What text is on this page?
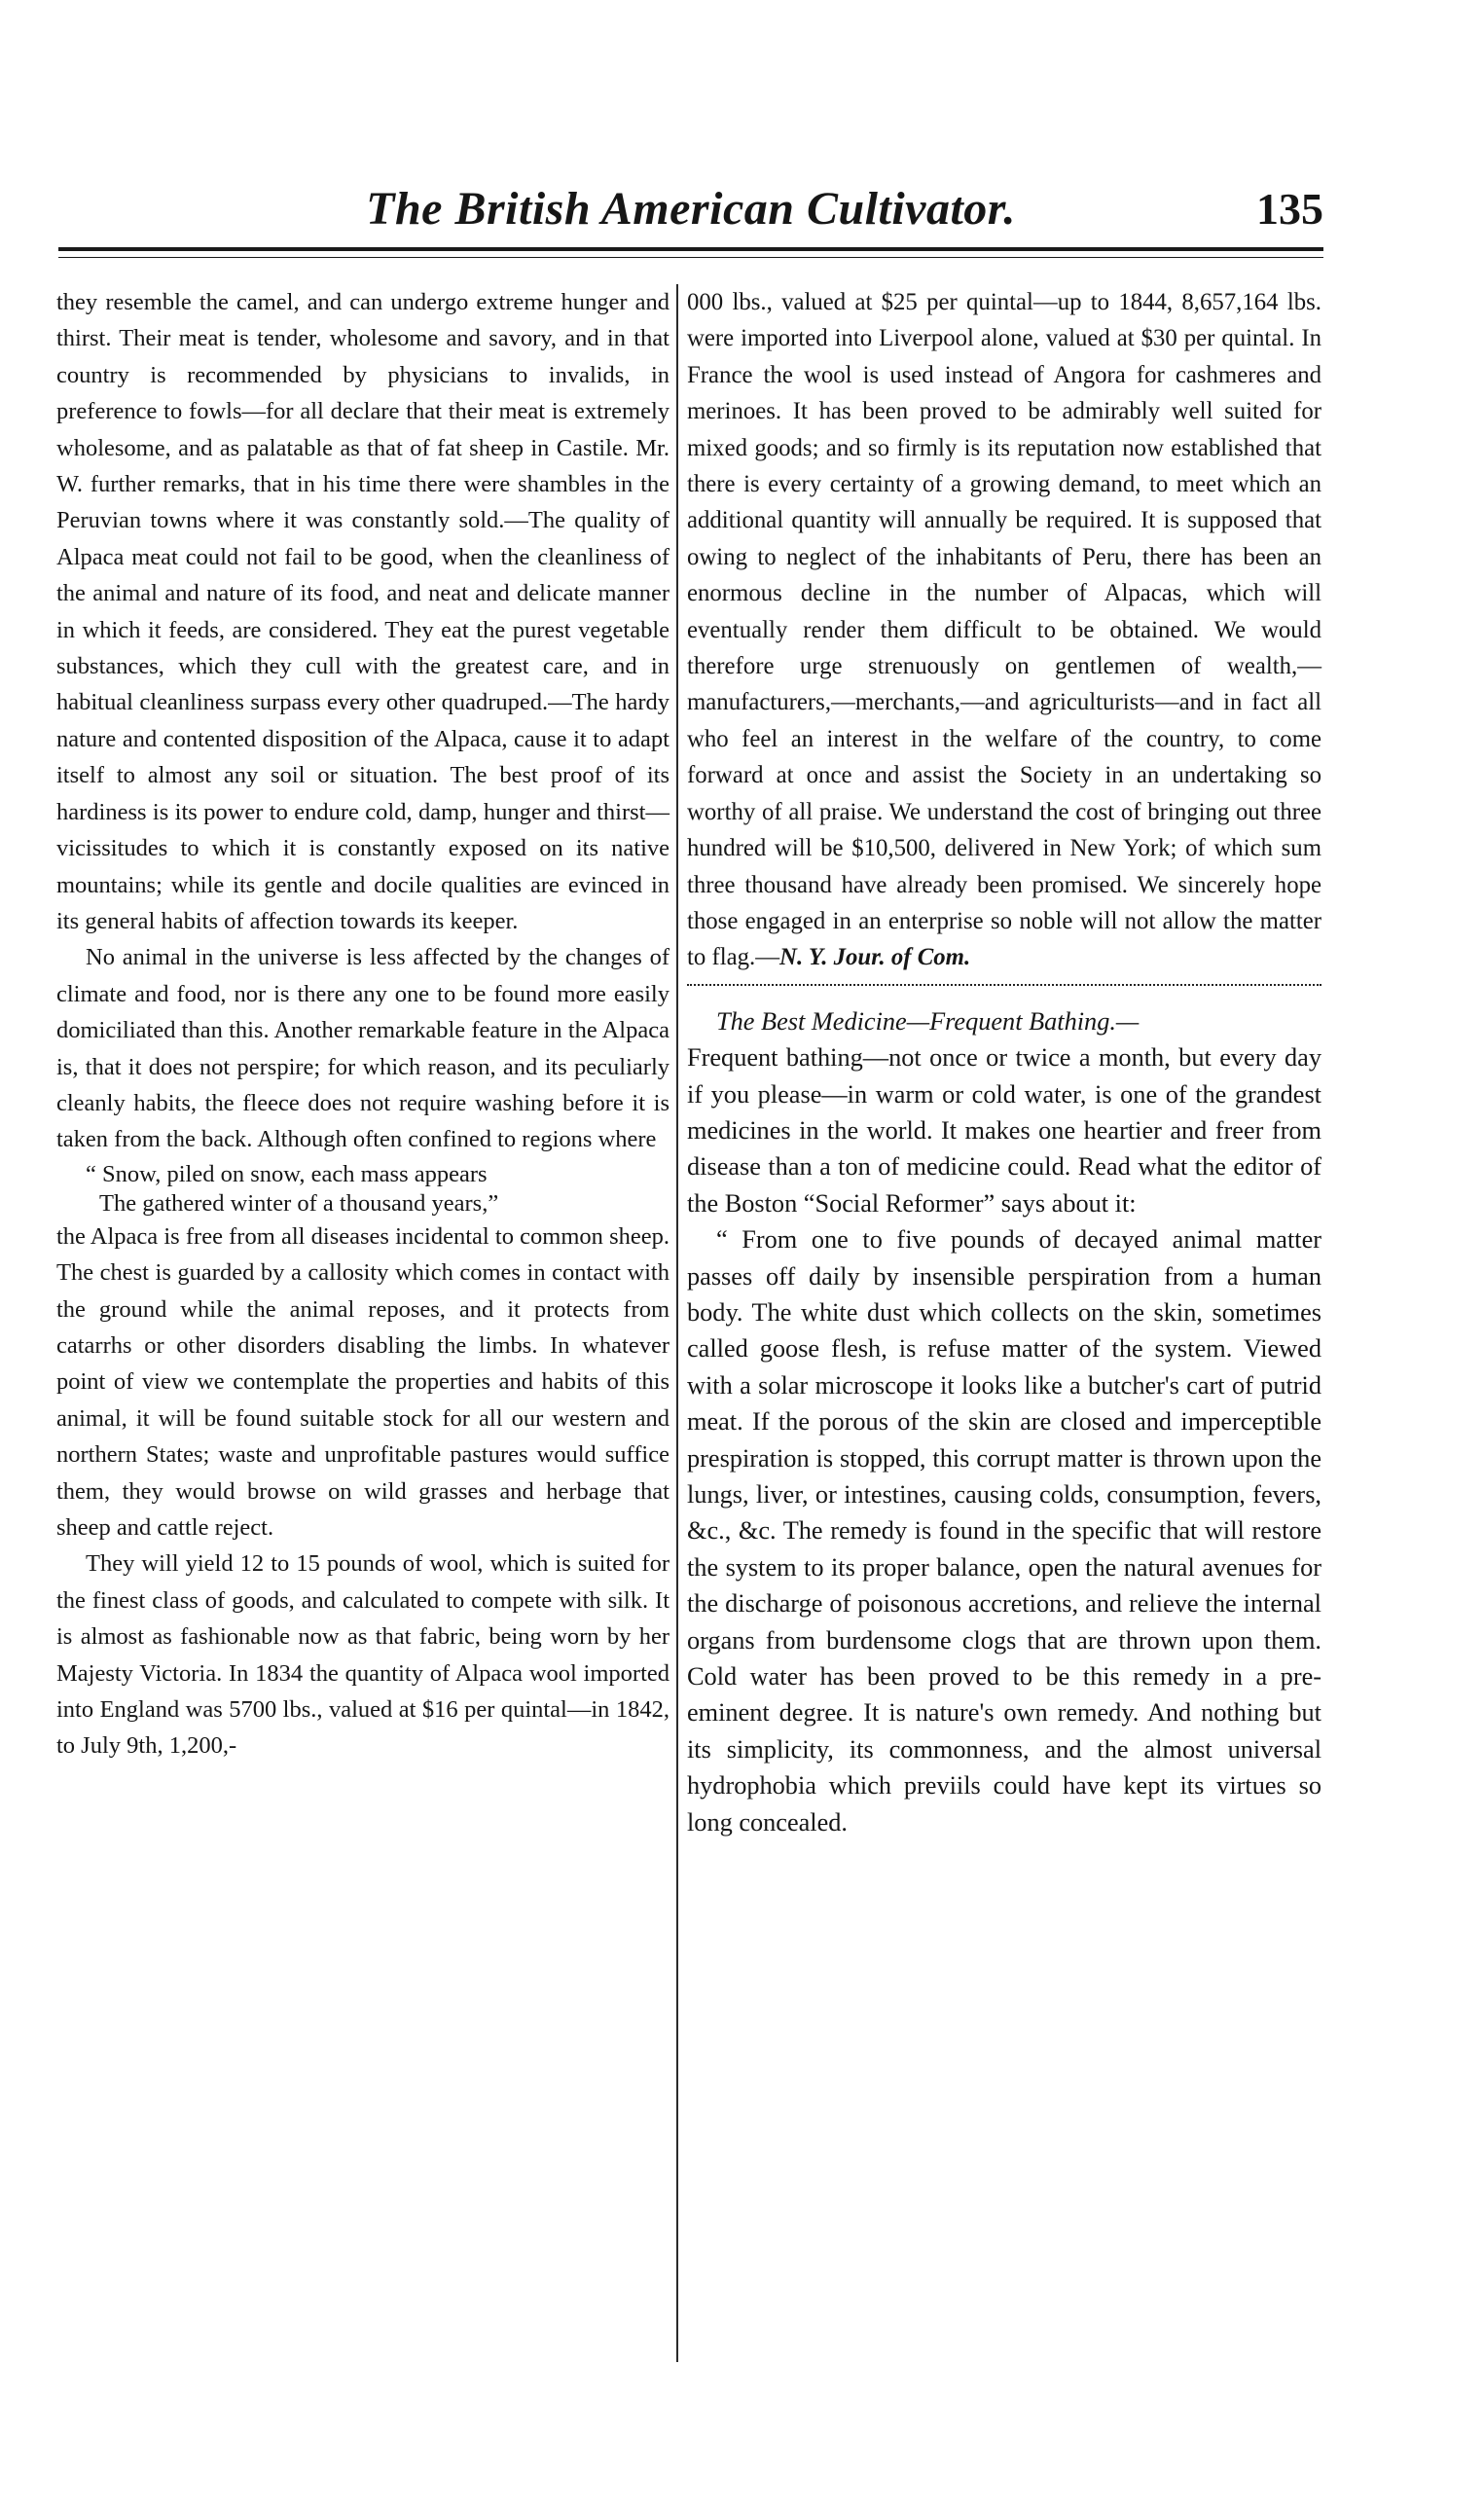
The British American Cultivator.	135

they resemble the camel, and can undergo extreme hunger and thirst. Their meat is tender, wholesome and savory, and in that country is recommended by physicians to invalids, in preference to fowls—for all declare that their meat is extremely wholesome, and as palatable as that of fat sheep in Castile. Mr. W. further remarks, that in his time there were shambles in the Peruvian towns where it was constantly sold.—The quality of Alpaca meat could not fail to be good, when the cleanliness of the animal and nature of its food, and neat and delicate manner in which it feeds, are considered. They eat the purest vegetable substances, which they cull with the greatest care, and in habitual cleanliness surpass every other quadruped.—The hardy nature and contented disposition of the Alpaca, cause it to adapt itself to almost any soil or situation. The best proof of its hardiness is its power to endure cold, damp, hunger and thirst—vicissitudes to which it is constantly exposed on its native mountains; while its gentle and docile qualities are evinced in its general habits of affection towards its keeper.

No animal in the universe is less affected by the changes of climate and food, nor is there any one to be found more easily domiciliated than this. Another remarkable feature in the Alpaca is, that it does not perspire; for which reason, and its peculiarly cleanly habits, the fleece does not require washing before it is taken from the back. Although often confined to regions where

“ Snow, piled on snow, each mass appears
The gathered winter of a thousand years,”

the Alpaca is free from all diseases incidental to common sheep. The chest is guarded by a callosity which comes in contact with the ground while the animal reposes, and it protects from catarrhs or other disorders disabling the limbs. In whatever point of view we contemplate the properties and habits of this animal, it will be found suitable stock for all our western and northern States; waste and unprofitable pastures would suffice them, they would browse on wild grasses and herbage that sheep and cattle reject.

They will yield 12 to 15 pounds of wool, which is suited for the finest class of goods, and calculated to compete with silk. It is almost as fashionable now as that fabric, being worn by her Majesty Victoria. In 1834 the quantity of Alpaca wool imported into England was 5700 lbs., valued at $16 per quintal—in 1842, to July 9th, 1,200,-

000 lbs., valued at $25 per quintal—up to 1844, 8,657,164 lbs. were imported into Liverpool alone, valued at $30 per quintal. In France the wool is used instead of Angora for cashmeres and merinoes. It has been proved to be admirably well suited for mixed goods; and so firmly is its reputation now established that there is every certainty of a growing demand, to meet which an additional quantity will annually be required. It is supposed that owing to neglect of the inhabitants of Peru, there has been an enormous decline in the number of Alpacas, which will eventually render them difficult to be obtained. We would therefore urge strenuously on gentlemen of wealth,—manufacturers,—merchants,—and agriculturists—and in fact all who feel an interest in the welfare of the country, to come forward at once and assist the Society in an undertaking so worthy of all praise. We understand the cost of bringing out three hundred will be $10,500, delivered in New York; of which sum three thousand have already been promised. We sincerely hope those engaged in an enterprise so noble will not allow the matter to flag.—N. Y. Jour. of Com.

The Best Medicine—Frequent Bathing.—

Frequent bathing—not once or twice a month, but every day if you please—in warm or cold water, is one of the grandest medicines in the world. It makes one heartier and freer from disease than a ton of medicine could. Read what the editor of the Boston “Social Reformer” says about it:

“ From one to five pounds of decayed animal matter passes off daily by insensible perspiration from a human body. The white dust which collects on the skin, sometimes called goose flesh, is refuse matter of the system. Viewed with a solar microscope it looks like a butcher's cart of putrid meat. If the porous of the skin are closed and imperceptible prespiration is stopped, this corrupt matter is thrown upon the lungs, liver, or intestines, causing colds, consumption, fevers, &c., &c. The remedy is found in the specific that will restore the system to its proper balance, open the natural avenues for the discharge of poisonous accretions, and relieve the internal organs from burdensome clogs that are thrown upon them. Cold water has been proved to be this remedy in a pre-eminent degree. It is nature's own remedy. And nothing but its simplicity, its commonness, and the almost universal hydrophobia which previils could have kept its virtues so long concealed.
